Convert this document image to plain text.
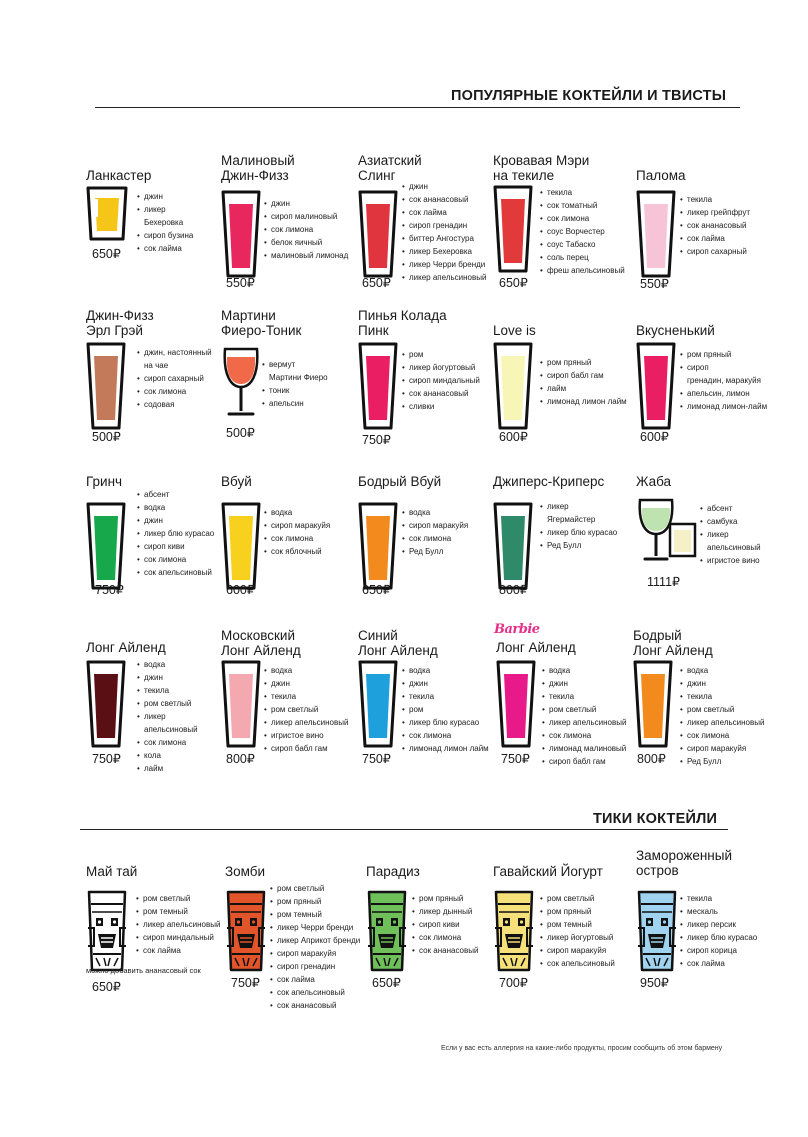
ПОПУЛЯРНЫЕ КОКТЕЙЛИ И ТВИСТЫ
ТИКИ КОКТЕЙЛИ
Ланкастер
• джин
• ликер
Бехеровка
• сироп бузина
• сок лайма
650₽
Малиновый
Джин-Физз
• джин
• сироп малиновый
• сок лимона
• белок яичный
• малиновый лимонад
550₽
Азиатский
Слинг
• джин
• сок ананасовый
• сок лайма
• сироп гренадин
• биттер Ангостура
• ликер Бехеровка
• ликер Черри бренди
• ликер апельсиновый
650₽
Кровавая Мэри
на текиле
• текила
• сок томатный
• сок лимона
• соус Ворчестер
• соус Табаско
• соль перец
• фреш апельсиновый
650₽
Палома
• текила
• ликер грейпфрут
• сок ананасовый
• сок лайма
• сироп сахарный
550₽
Джин-Физз
Эрл Грэй
• джин, настоянный
на чае
• сироп сахарный
• сок лимона
• содовая
500₽
Мартини
Фиеро-Тоник
• вермут
Мартини Фиеро
• тоник
• апельсин
500₽
Пинья Колада
Пинк
• ром
• ликер йогуртовый
• сироп миндальный
• сок ананасовый
• сливки
750₽
Love is
• ром пряный
• сироп бабл гам
• лайм
• лимонад лимон лайм
600₽
Вкусненький
• ром пряный
• сироп
гренадин, маракуйя
• апельсин, лимон
• лимонад лимон-лайм
600₽
Гринч
• абсент
• водка
• джин
• ликер блю курасао
• сироп киви
• сок лимона
• сок апельсиновый
750₽
Вбуй
• водка
• сироп маракуйя
• сок лимона
• сок яблочный
600₽
Бодрый Вбуй
• водка
• сироп маракуйя
• сок лимона
• Ред Булл
650₽
Джиперс-Криперс
• ликер
Ягермайстер
• ликер блю курасао
• Ред Булл
800₽
Жаба
• абсент
• самбука
• ликер
апельсиновый
• игристое вино
1111₽
Лонг Айленд
• водка
• джин
• текила
• ром светлый
• ликер
апельсиновый
• сок лимона
• кола
• лайм
750₽
Московский
Лонг Айленд
• водка
• джин
• текила
• ром светлый
• ликер апельсиновый
• игристое вино
• сироп бабл гам
800₽
Синий
Лонг Айленд
• водка
• джин
• текила
• ром
• ликер блю курасао
• сок лимона
• лимонад лимон лайм
750₽
Лонг Айленд
• водка
• джин
• текила
• ром светлый
• ликер апельсиновый
• сок лимона
• лимонад малиновый
• сироп бабл гам
750₽
Barbie	Бодрый
Лонг Айленд
• водка
• джин
• текила
• ром светлый
• ликер апельсиновый
• сок лимона
• сироп маракуйя
• Ред Булл
800₽
Май тай
• ром светлый
• ром темный
• ликер апельсиновый
• сироп миндальный
• сок лайма
650₽
можно добавить ананасовый сок
Зомби
• ром светлый
• ром пряный
• ром темный
• ликер Черри бренди
• ликер Априкот бренди
• сироп маракуйя
• сироп гренадин
• сок лайма
• сок апельсиновый
• сок ананасовый
750₽
Парадиз
• ром пряный
• ликер дынный
• сироп киви
• сок лимона
• сок ананасовый
650₽
Гавайский Йогурт
• ром светлый
• ром пряный
• ром темный
• ликер йогуртовый
• сироп маракуйя
• сок апельсиновый
700₽
Замороженный
остров
• текила
• мескаль
• ликер персик
• ликер блю курасао
• сироп корица
• сок лайма
950₽
Если у вас есть аллергия на какие-либо продукты, просим сообщить об этом бармену
